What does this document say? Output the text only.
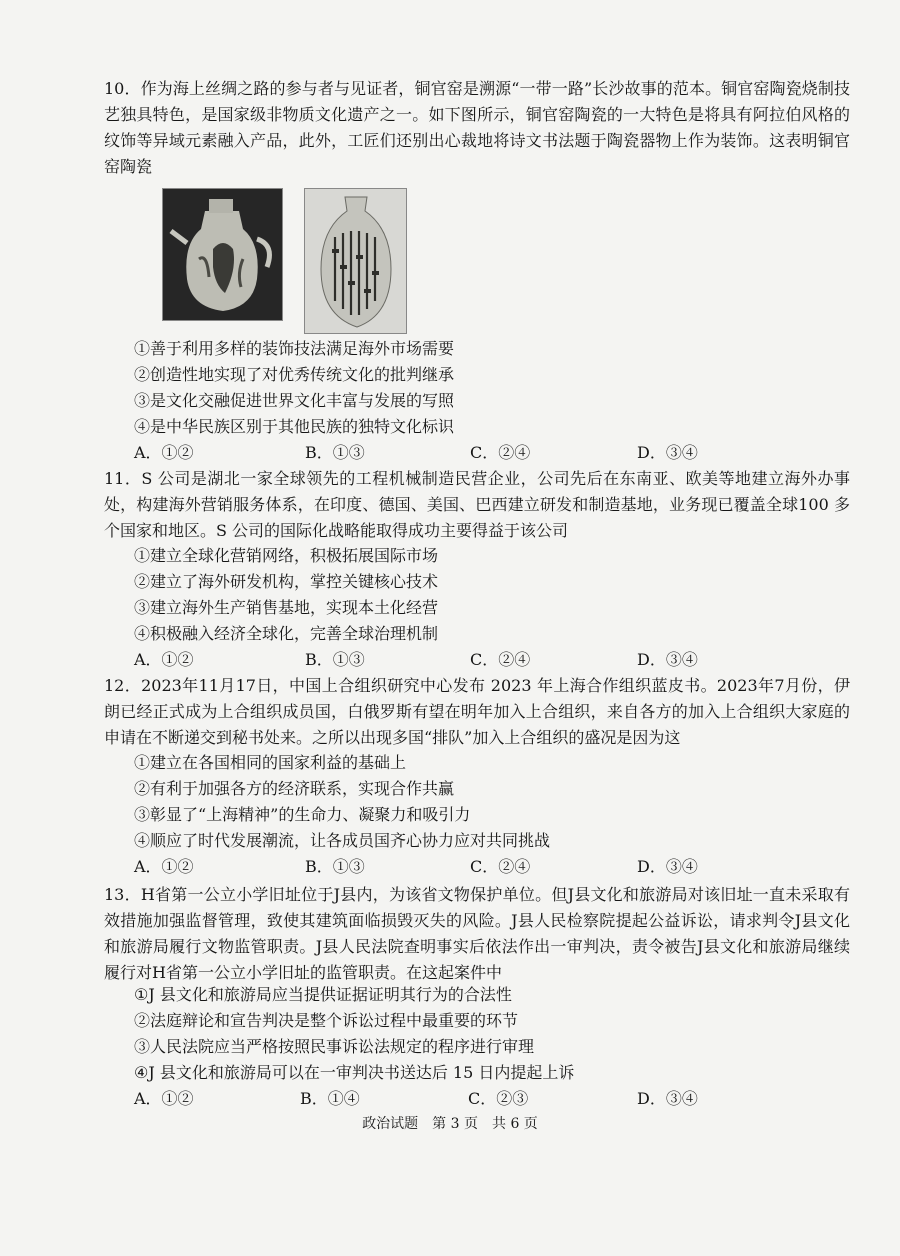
10．作为海上丝绸之路的参与者与见证者，铜官窑是溯源“一带一路”长沙故事的范本。铜官窑陶瓷烧制技艺独具特色，是国家级非物质文化遗产之一。如下图所示，铜官窑陶瓷的一大特色是将具有阿拉伯风格的纹饰等异域元素融入产品，此外，工匠们还别出心裁地将诗文书法题于陶瓷器物上作为装饰。这表明铜官窑陶瓷

①善于利用多样的装饰技法满足海外市场需要
②创造性地实现了对优秀传统文化的批判继承
③是文化交融促进世界文化丰富与发展的写照
④是中华民族区别于其他民族的独特文化标识
A．①②	B．①③	C．②④	D．③④

11．S 公司是湖北一家全球领先的工程机械制造民营企业，公司先后在东南亚、欧美等地建立海外办事处，构建海外营销服务体系，在印度、德国、美国、巴西建立研发和制造基地，业务现已覆盖全球100 多个国家和地区。S 公司的国际化战略能取得成功主要得益于该公司

①建立全球化营销网络，积极拓展国际市场
②建立了海外研发机构，掌控关键核心技术
③建立海外生产销售基地，实现本土化经营
④积极融入经济全球化，完善全球治理机制
A．①②	B．①③	C．②④	D．③④

12．2023年11月17日，中国上合组织研究中心发布 2023 年上海合作组织蓝皮书。2023年7月份，伊朗已经正式成为上合组织成员国，白俄罗斯有望在明年加入上合组织，来自各方的加入上合组织大家庭的申请在不断递交到秘书处来。之所以出现多国“排队”加入上合组织的盛况是因为这

①建立在各国相同的国家利益的基础上
②有利于加强各方的经济联系，实现合作共赢
③彰显了“上海精神”的生命力、凝聚力和吸引力
④顺应了时代发展潮流，让各成员国齐心协力应对共同挑战
A．①②	B．①③	C．②④	D．③④

13．H省第一公立小学旧址位于J县内，为该省文物保护单位。但J县文化和旅游局对该旧址一直未采取有效措施加强监督管理，致使其建筑面临损毁灭失的风险。J县人民检察院提起公益诉讼，请求判令J县文化和旅游局履行文物监管职责。J县人民法院查明事实后依法作出一审判决，责令被告J县文化和旅游局继续履行对H省第一公立小学旧址的监管职责。在这起案件中

①J 县文化和旅游局应当提供证据证明其行为的合法性
②法庭辩论和宣告判决是整个诉讼过程中最重要的环节
③人民法院应当严格按照民事诉讼法规定的程序进行审理
④J 县文化和旅游局可以在一审判决书送达后 15 日内提起上诉
A．①②	B．①④	C．②③	D．③④
政治试题　第 3 页　共 6 页
